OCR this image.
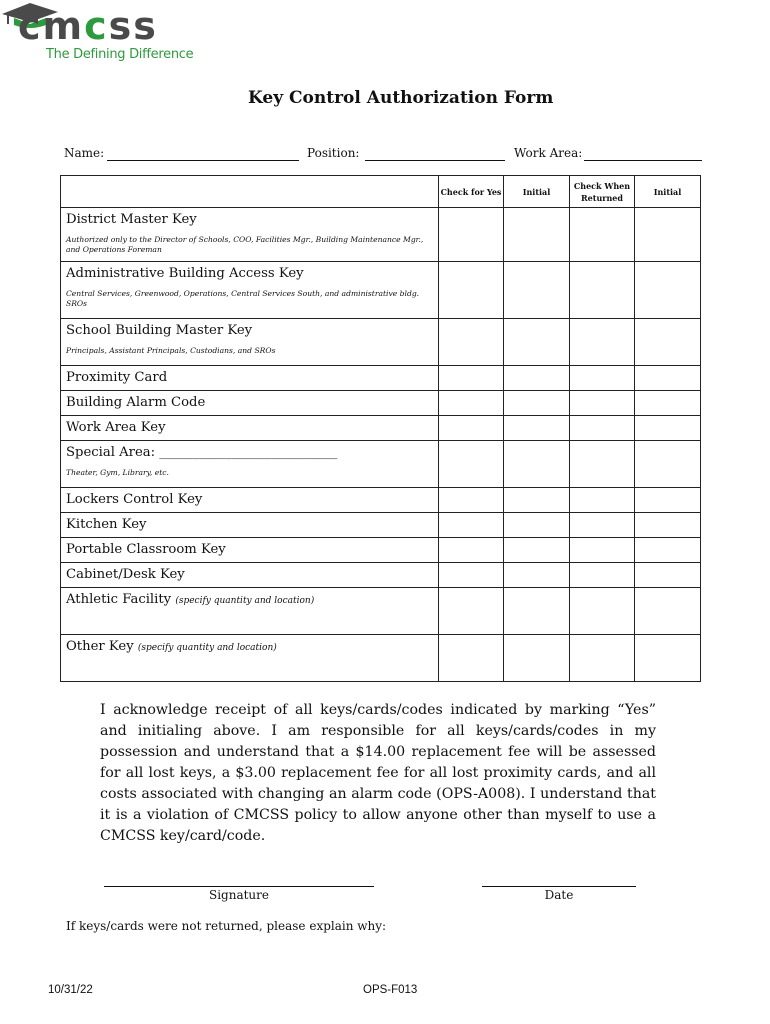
cmcss
The Defining Difference
Key Control Authorization Form
Name:	Position:	Work Area:
	Check for Yes	Initial	Check When Returned	Initial
District Master Key
Authorized only to the Director of Schools, COO, Facilities Mgr., Building Maintenance Mgr., and Operations Foreman				

Administrative Building Access Key
Central Services, Greenwood, Operations, Central Services South, and administrative bldg. SROs				

School Building Master Key
Principals, Assistant Principals, Custodians, and SROs				

Proximity Card				
Building Alarm Code				
Work Area Key				
Special Area: ___________________________
Theater, Gym, Library, etc.				

Lockers Control Key				
Kitchen Key				
Portable Classroom Key				
Cabinet/Desk Key				
Athletic Facility (specify quantity and location)
___________________________________________				

Other Key (specify quantity and location)
___________________________________________				

I acknowledge receipt of all keys/cards/codes indicated by marking “Yes” and initialing above. I am responsible for all keys/cards/codes in my possession and understand that a $14.00 replacement fee will be assessed for all lost keys, a $3.00 replacement fee for all lost proximity cards, and all costs associated with changing an alarm code (OPS-A008). I understand that it is a violation of CMCSS policy to allow anyone other than myself to use a CMCSS key/card/code.
Signature	Date
If keys/cards were not returned, please explain why:
10/31/22	OPS-F013
